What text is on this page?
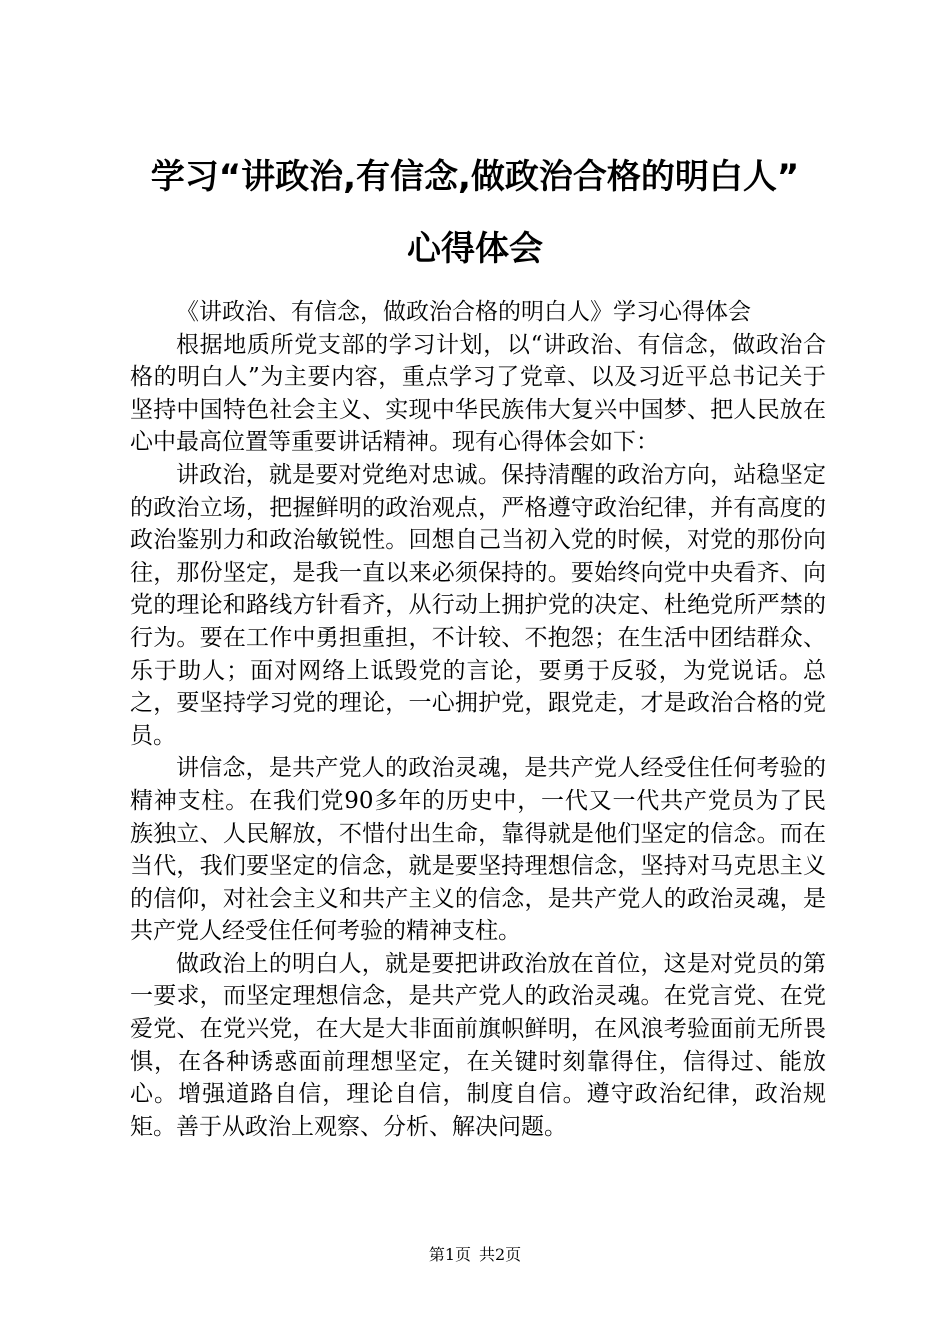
学习“讲政治,有信念,做政治合格的明白人”
心得体会

《讲政治、有信念，做政治合格的明白人》学习心得体会

根据地质所党支部的学习计划，以“讲政治、有信念，做政治合格的明白人”为主要内容，重点学习了党章、以及习近平总书记关于坚持中国特色社会主义、实现中华民族伟大复兴中国梦、把人民放在心中最高位置等重要讲话精神。现有心得体会如下：

讲政治，就是要对党绝对忠诚。保持清醒的政治方向，站稳坚定的政治立场，把握鲜明的政治观点，严格遵守政治纪律，并有高度的政治鉴别力和政治敏锐性。回想自己当初入党的时候，对党的那份向往，那份坚定，是我一直以来必须保持的。要始终向党中央看齐、向党的理论和路线方针看齐，从行动上拥护党的决定、杜绝党所严禁的行为。要在工作中勇担重担，不计较、不抱怨；在生活中团结群众、乐于助人；面对网络上诋毁党的言论，要勇于反驳，为党说话。总之，要坚持学习党的理论，一心拥护党，跟党走，才是政治合格的党员。

讲信念，是共产党人的政治灵魂，是共产党人经受住任何考验的精神支柱。在我们党90多年的历史中，一代又一代共产党员为了民族独立、人民解放，不惜付出生命，靠得就是他们坚定的信念。而在当代，我们要坚定的信念，就是要坚持理想信念，坚持对马克思主义的信仰，对社会主义和共产主义的信念，是共产党人的政治灵魂，是共产党人经受住任何考验的精神支柱。

做政治上的明白人，就是要把讲政治放在首位，这是对党员的第一要求，而坚定理想信念，是共产党人的政治灵魂。在党言党、在党爱党、在党兴党，在大是大非面前旗帜鲜明，在风浪考验面前无所畏惧，在各种诱惑面前理想坚定，在关键时刻靠得住，信得过、能放心。增强道路自信，理论自信，制度自信。遵守政治纪律，政治规矩。善于从政治上观察、分析、解决问题。

第1页 共2页
